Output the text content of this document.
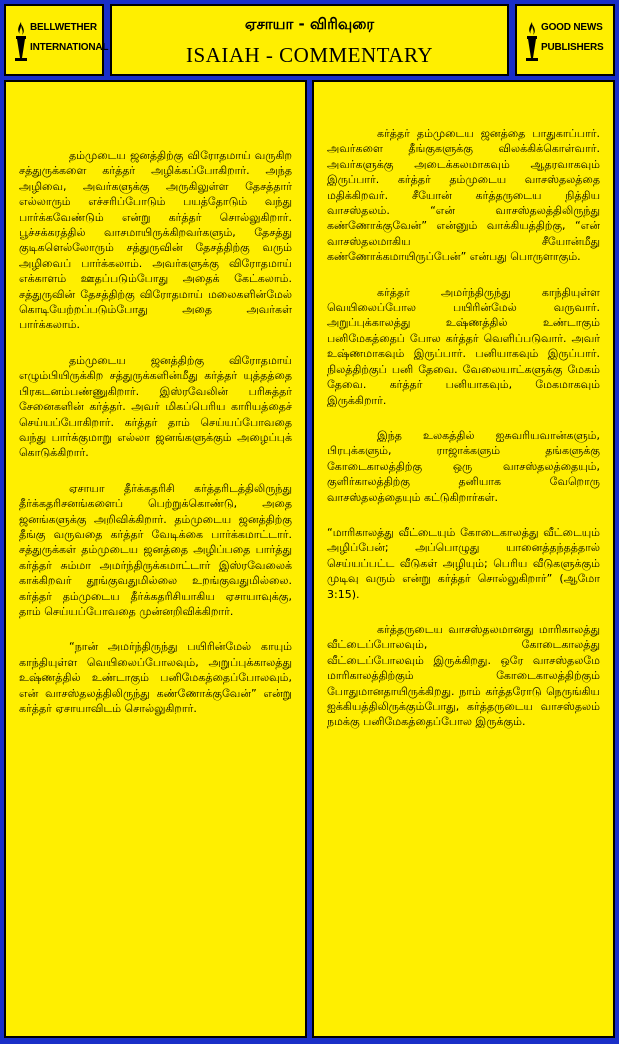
BELLWETHER
INTERNATIONAL
ஏசாயா - விரிவுரை
ISAIAH - COMMENTARY
GOOD NEWS
PUBLISHERS

தம்முடைய ஜனத்திற்கு விரோதமாய் வருகிற சத்துருக்களை கர்த்தர் அழிக்கப்போகிறார். அந்த அழிவை, அவர்களுக்கு அருகிலுள்ள தேசத்தார் எல்லாரும் எச்சரிப்போடும் பயத்தோடும் வந்து பார்க்கவேண்டும் என்று கர்த்தர் சொல்லுகிறார். பூச்சக்கரத்தில் வாசமாயிருக்கிறவர்களும், தேசத்து குடிகளெல்லோரும் சத்துருவின் தேசத்திற்கு வரும் அழிவைப் பார்க்கலாம். அவர்களுக்கு விரோதமாய் எக்காளம் ஊதப்படும்போது அதைக் கேட்கலாம். சத்துருவின் தேசத்திற்கு விரோதமாய் மலைகளின்மேல் கொடியேற்றப்படும்போது அதை அவர்கள் பார்க்கலாம்.

தம்முடைய ஜனத்திற்கு விரோதமாய் எழும்பியிருக்கிற சத்துருக்களின்மீது கர்த்தர் யுத்தத்தை பிரகடனம்பண்ணுகிறார். இஸ்ரவேலின் பரிசுத்தர் சேனைகளின் கர்த்தர். அவர் மிகப்பெரிய காரியத்தைச் செய்யப்போகிறார். கர்த்தர் தாம் செய்யப்போவதை வந்து பார்க்குமாறு எல்லா ஜனங்களுக்கும் அழைப்புக் கொடுக்கிறார்.

ஏசாயா தீர்க்கதரிசி கர்த்தரிடத்திலிருந்து தீர்க்கதரிசனங்களைப் பெற்றுக்கொண்டு, அதை ஜனங்களுக்கு அறிவிக்கிறார். தம்முடைய ஜனத்திற்கு தீங்கு வருவதை கர்த்தர் வேடிக்கை பார்க்கமாட்டார். சத்துருக்கள் தம்முடைய ஜனத்தை அழிப்பதை பார்த்து கர்த்தர் சும்மா அமர்ந்திருக்கமாட்டார் இஸ்ரவேலைக் காக்கிறவர் தூங்குவதுமில்லை உறங்குவதுமில்லை. கர்த்தர் தம்முடைய தீர்க்கதரிசியாகிய ஏசாயாவுக்கு, தாம் செய்யப்போவதை முன்னறிவிக்கிறார்.

“நான் அமர்ந்திருந்து பயிரின்மேல் காயும் காந்தியுள்ள வெயிலைப்போலவும், அறுப்புக்காலத்து உஷ்ணத்தில் உண்டாகும் பனிமேகத்தைப்போலவும், என் வாசஸ்தலத்திலிருந்து கண்ணோக்குவேன்” என்று கர்த்தர் ஏசாயாவிடம் சொல்லுகிறார்.

கர்த்தர் தம்முடைய ஜனத்தை பாதுகாப்பார். அவர்களை தீங்குகளுக்கு விலக்கிக்கொள்வார். அவர்களுக்கு அடைக்கலமாகவும் ஆதரவாகவும் இருப்பார். கர்த்தர் தம்முடைய வாசஸ்தலத்தை மதிக்கிறவர். சீயோன் கர்த்தருடைய நித்திய வாசஸ்தலம். “என் வாசஸ்தலத்திலிருந்து கண்ணோக்குவேன்” என்னும் வாக்கியத்திற்கு, “என் வாசஸ்தலமாகிய சீயோன்மீது கண்ணோக்கமாயிருப்பேன்” என்பது பொருளாகும்.

கர்த்தர் அமர்ந்திருந்து காந்தியுள்ள வெயிலைப்போல பயிரின்மேல் வருவார். அறுப்புக்காலத்து உஷ்ணத்தில் உண்டாகும் பனிமேகத்தைப் போல கர்த்தர் வெளிப்படுவார். அவர் உஷ்ணமாகவும் இருப்பார். பனியாகவும் இருப்பார். நிலத்திற்குப் பனி தேவை. வேலையாட்களுக்கு மேகம் தேவை. கர்த்தர் பனியாகவும், மேகமாகவும் இருக்கிறார்.

இந்த உலகத்தில் ஐசுவரியவான்களும், பிரபுக்களும், ராஜாக்களும் தங்களுக்கு கோடைகாலத்திற்கு ஒரு வாசஸ்தலத்தையும், குளிர்காலத்திற்கு தனியாக வேறொரு வாசஸ்தலத்தையும் கட்டுகிறார்கள்.

“மாரிகாலத்து வீட்டையும் கோடைகாலத்து வீட்டையும் அழிப்பேன்; அப்பொழுது யானைத்தந்தத்தால் செய்யப்பட்ட வீடுகள் அழியும்; பெரிய வீடுகளுக்கும் முடிவு வரும் என்று கர்த்தர் சொல்லுகிறார்” (ஆமோ 3:15).

கர்த்தருடைய வாசஸ்தலமானது மாரிகாலத்து வீட்டைப்போலவும், கோடைகாலத்து வீட்டைப்போலவும் இருக்கிறது. ஒரே வாசஸ்தலமே மாரிகாலத்திற்கும் கோடைகாலத்திற்கும் போதுமானதாயிருக்கிறது. நாம் கர்த்தரோடு நெருங்கிய ஐக்கியத்திலிருக்கும்போது, கர்த்தருடைய வாசஸ்தலம் நமக்கு பனிமேகத்தைப்போல இருக்கும்.
